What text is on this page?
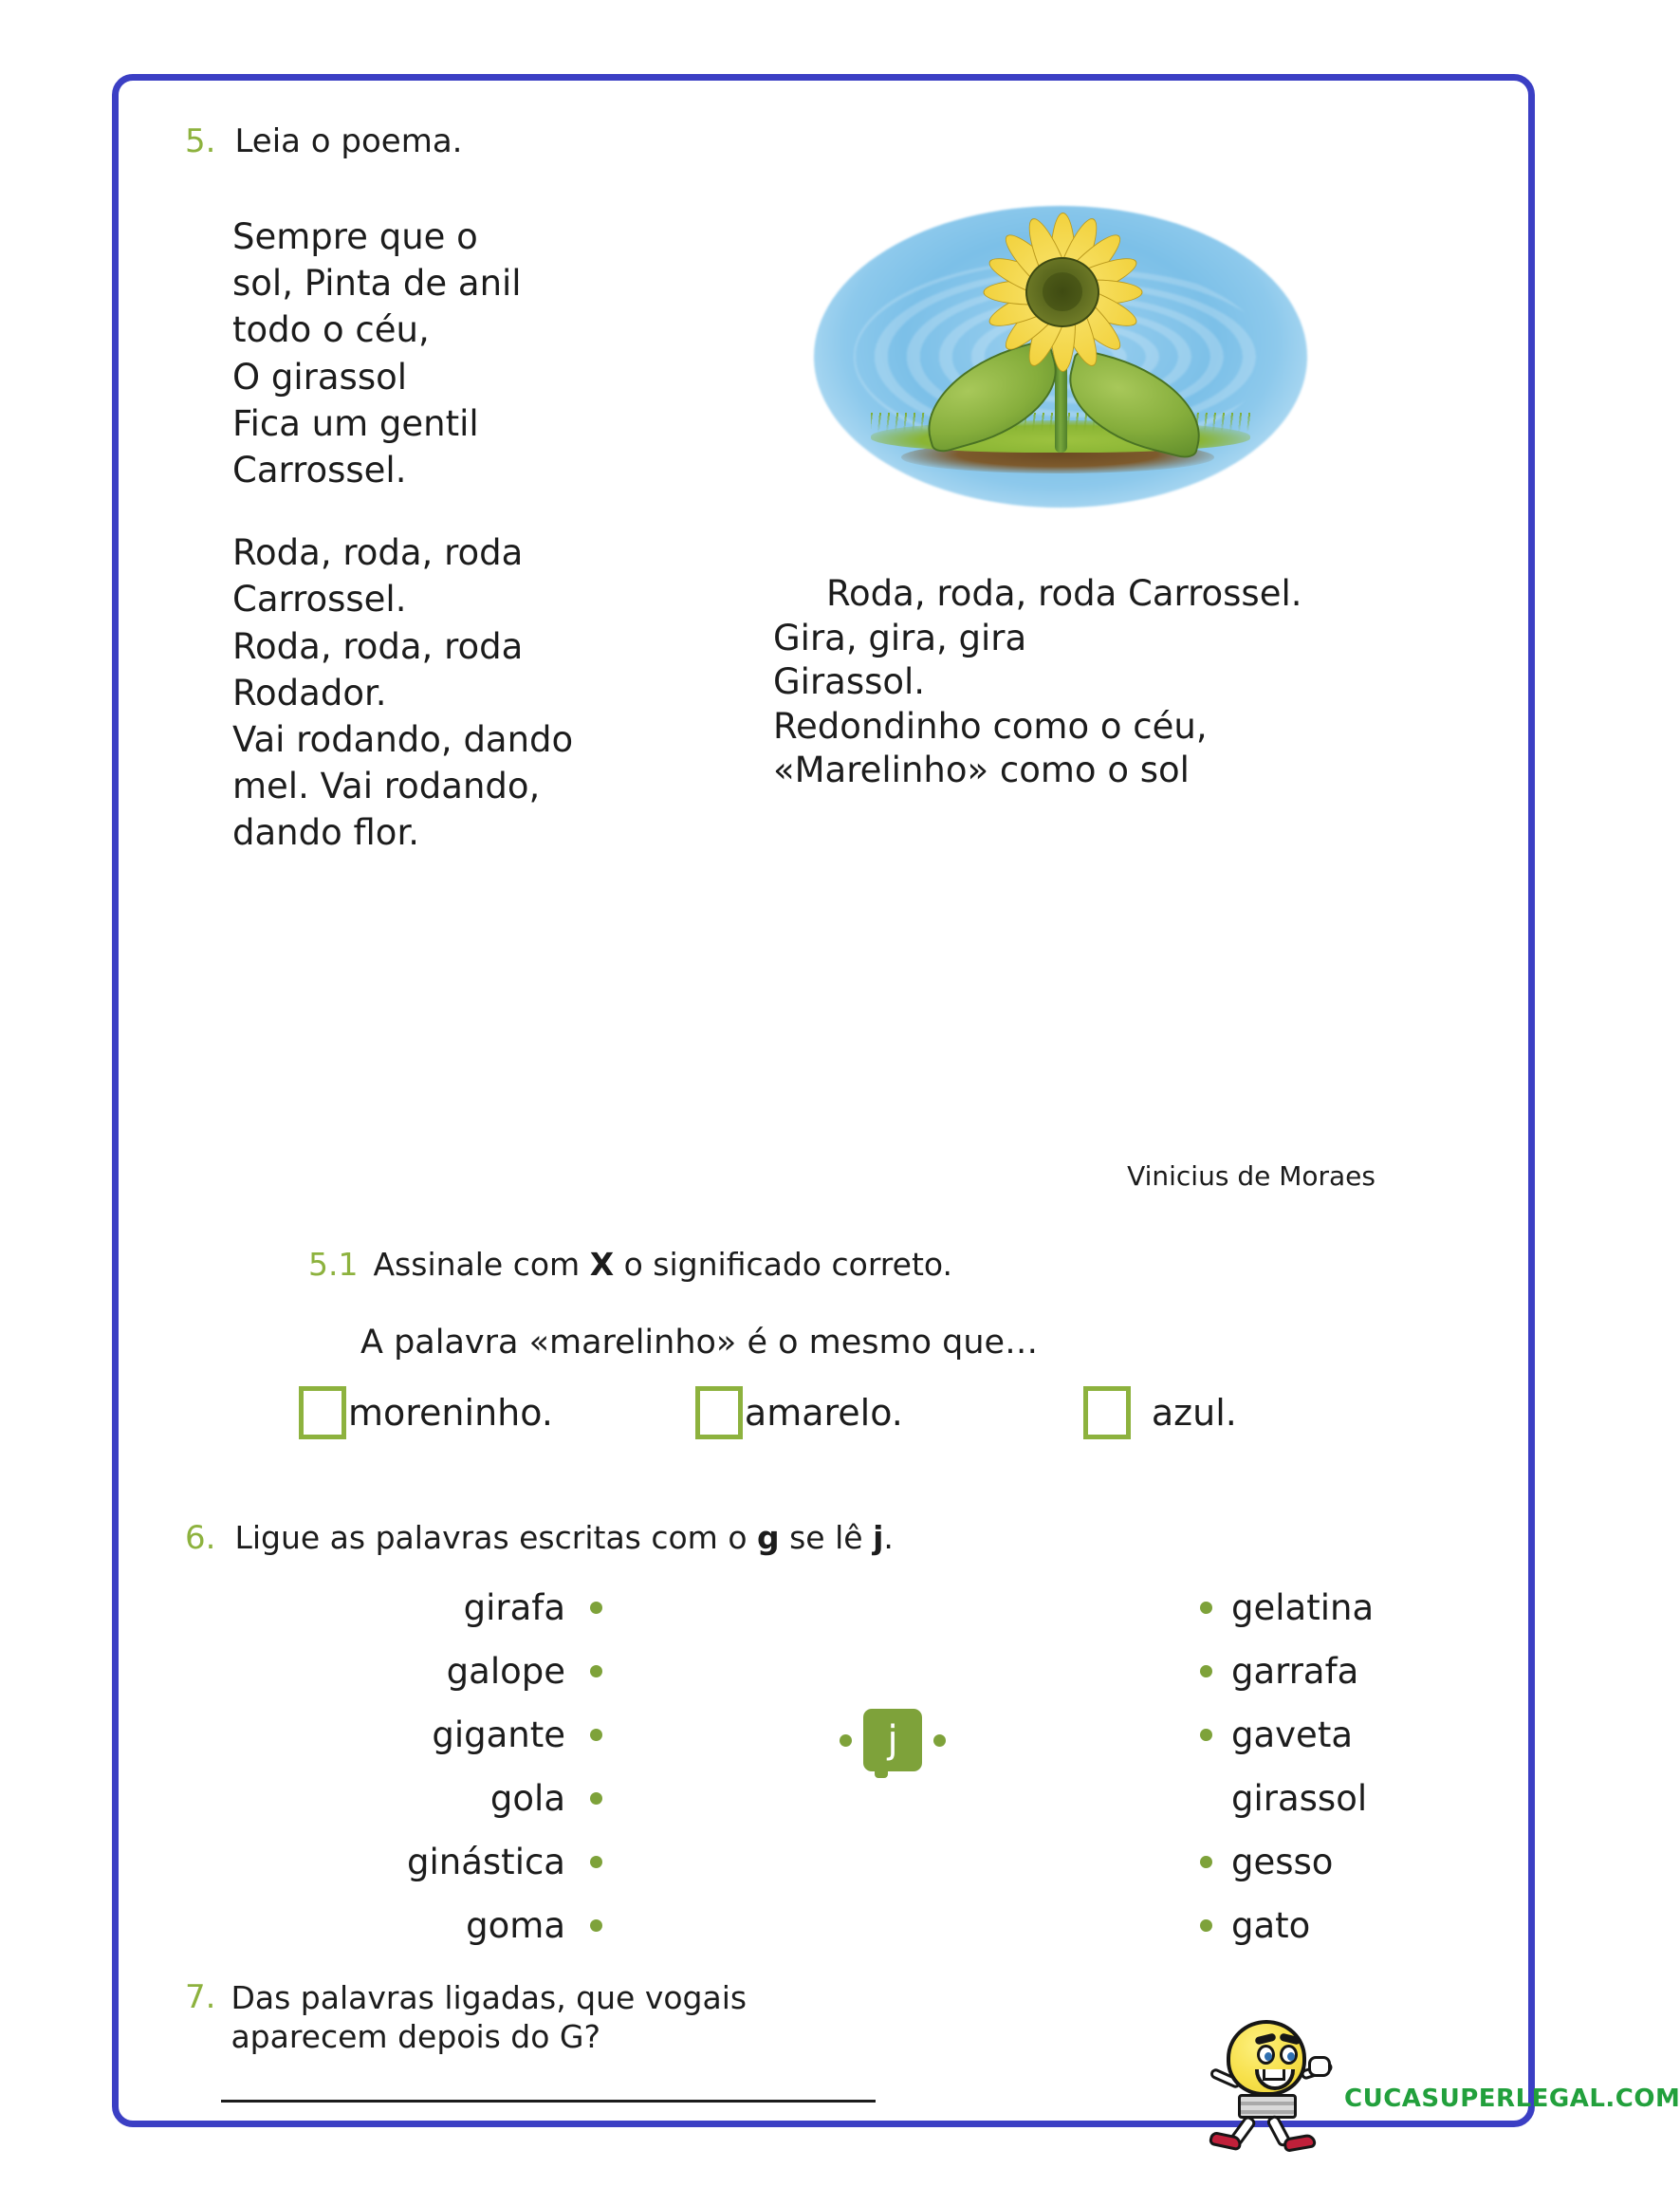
5. Leia o poema.
Sempre que o
sol, Pinta de anil
todo o céu,
O girassol
Fica um gentil
Carrossel.
Roda, roda, roda
Carrossel.
Roda, roda, roda
Rodador.
Vai rodando, dando
mel. Vai rodando,
dando flor.
Roda, roda, roda Carrossel.
Gira, gira, gira
Girassol.
Redondinho como o céu,
«Marelinho» como o sol
Vinicius de Moraes
5.1 Assinale com X o significado correto.
A palavra «marelinho» é o mesmo que…
moreninho.	amarelo.	azul.
6. Ligue as palavras escritas com o g se lê j.
girafa
galope
gigante
gola
ginástica
goma
gelatina
garrafa
gaveta
girassol
gesso
gato
j
7. Das palavras ligadas, que vogais
aparecem depois do G?
CUCASUPERLEGAL.COM
